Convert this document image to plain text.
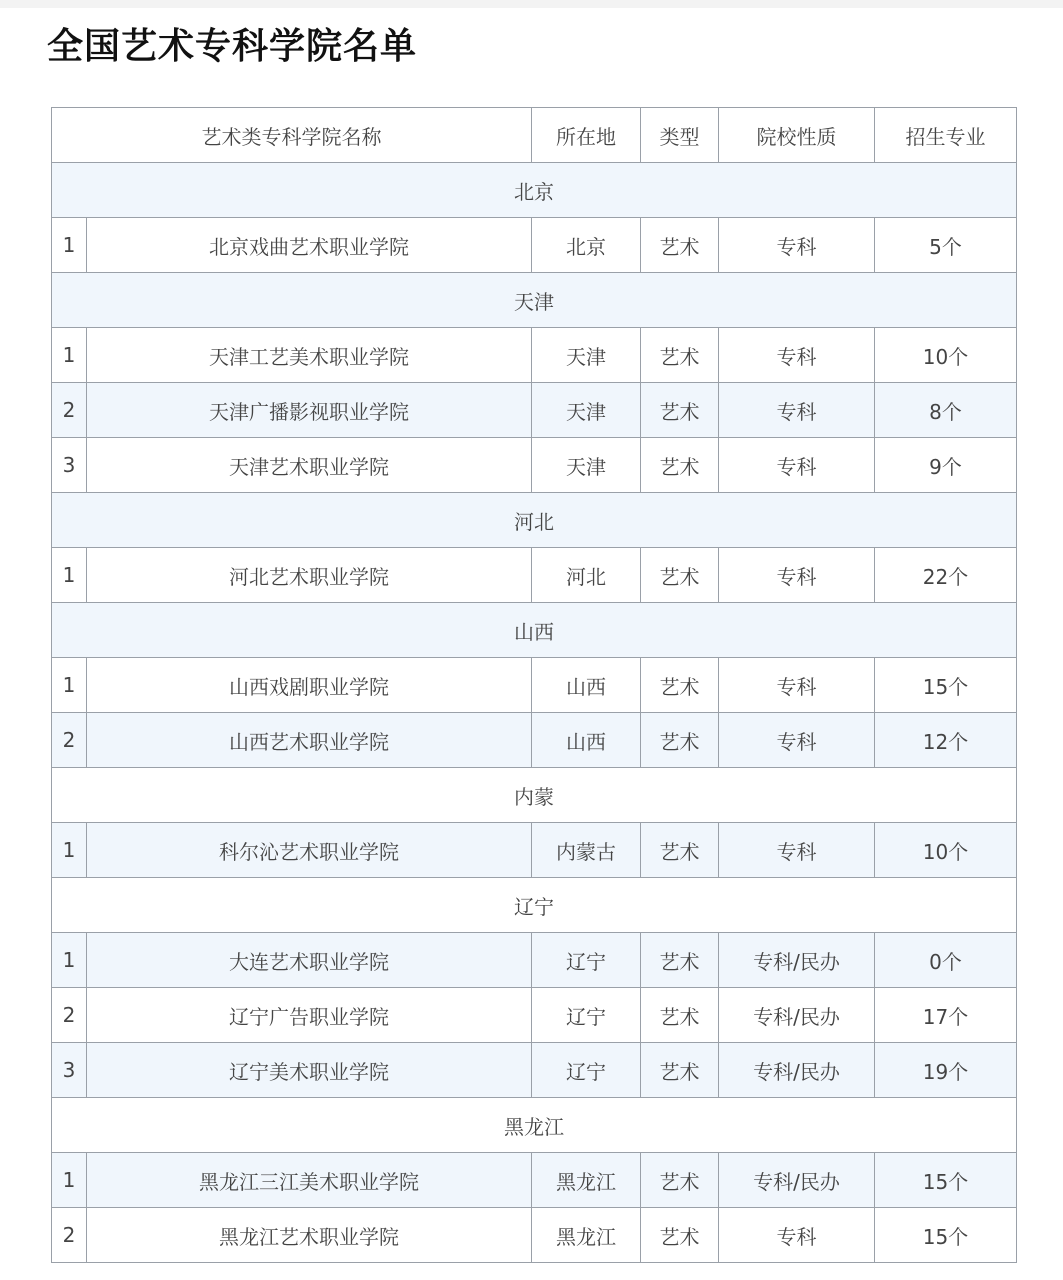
全国艺术专科学院名单
艺术类专科学院名称		所在地	类型	院校性质	招生专业
北京					
1	北京戏曲艺术职业学院	北京	艺术	专科	5个
天津					
1	天津工艺美术职业学院	天津	艺术	专科	10个
2	天津广播影视职业学院	天津	艺术	专科	8个
3	天津艺术职业学院	天津	艺术	专科	9个
河北					
1	河北艺术职业学院	河北	艺术	专科	22个
山西					
1	山西戏剧职业学院	山西	艺术	专科	15个
2	山西艺术职业学院	山西	艺术	专科	12个
内蒙					
1	科尔沁艺术职业学院	内蒙古	艺术	专科	10个
辽宁					
1	大连艺术职业学院	辽宁	艺术	专科/民办	0个
2	辽宁广告职业学院	辽宁	艺术	专科/民办	17个
3	辽宁美术职业学院	辽宁	艺术	专科/民办	19个
黑龙江					
1	黑龙江三江美术职业学院	黑龙江	艺术	专科/民办	15个
2	黑龙江艺术职业学院	黑龙江	艺术	专科	15个
